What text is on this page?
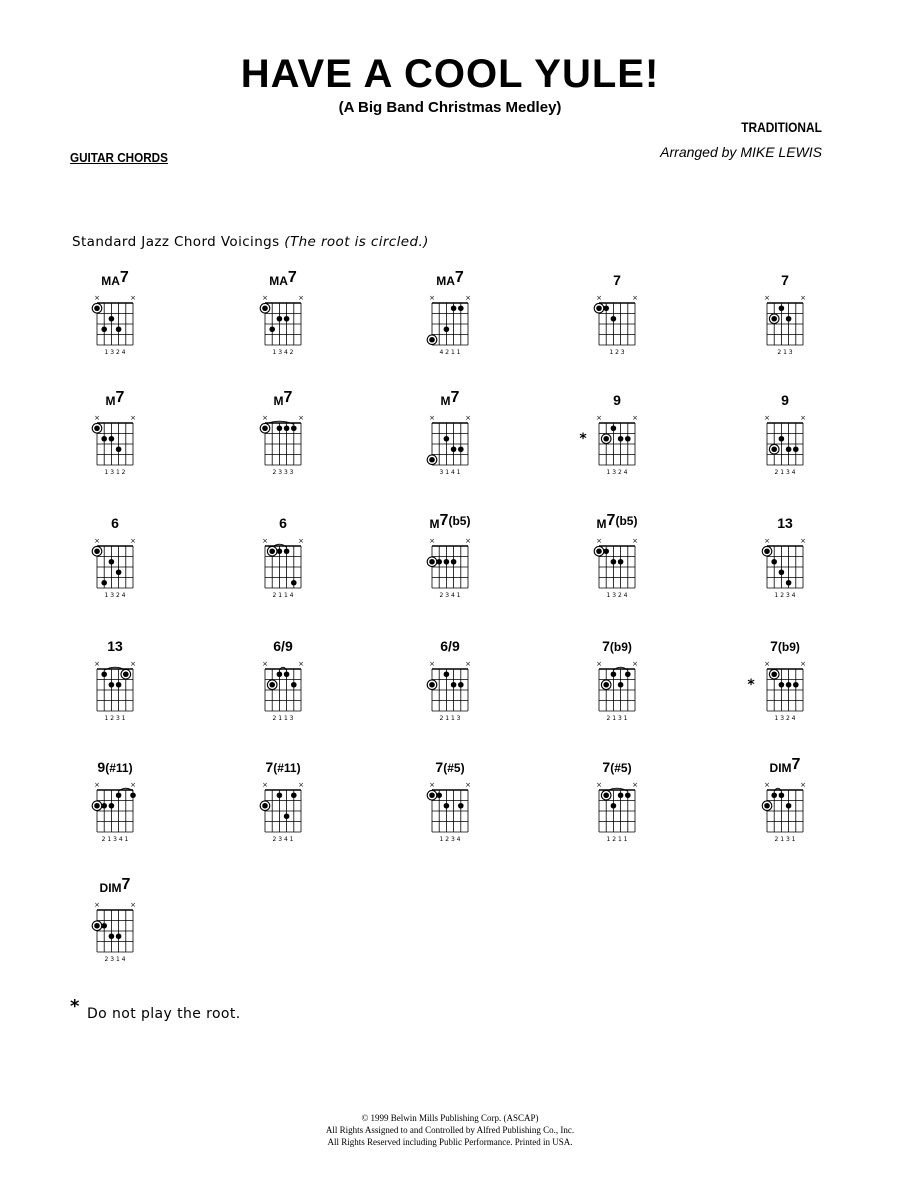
HAVE A COOL YULE!
(A Big Band Christmas Medley)
TRADITIONAL
Arranged by MIKE LEWIS
GUITAR CHORDS
Standard Jazz Chord Voicings (The root is circled.)
MA7
×	×
1 3 2 4
MA7
×	×
1 3 4 2
MA7
×	×
4 2 1 1
7
×	×
1 2 3
7
×	×
2 1 3
M7
×	×
1 3 1 2
M7
×	×
2 3 3 3
M7
×	×
3 1 4 1
9
×	×
*
1 3 2 4
9
×	×
2 1 3 4
6
×	×
1 3 2 4
6
×	×
2 1 1 4
M7(b5)
×	×
2 3 4 1
M7(b5)
×	×
1 3 2 4
13
×	×
1 2 3 4
13
×	×
1 2 3 1
6/9
×	×
2 1 1 3
6/9
×	×
2 1 1 3
7(b9)
×	×
2 1 3 1
7(b9)
×	×
*
1 3 2 4
9(#11)
×	×
2 1 3 4 1
7(#11)
×	×
2 3 4 1
7(#5)
×	×
1 2 3 4
7(#5)
×	×
1 2 1 1
DIM7
×	×
2 1 3 1
DIM7
×	×
2 3 1 4
* Do not play the root.
© 1999 Belwin Mills Publishing Corp. (ASCAP)
All Rights Assigned to and Controlled by Alfred Publishing Co., Inc.
All Rights Reserved including Public Performance. Printed in USA.
